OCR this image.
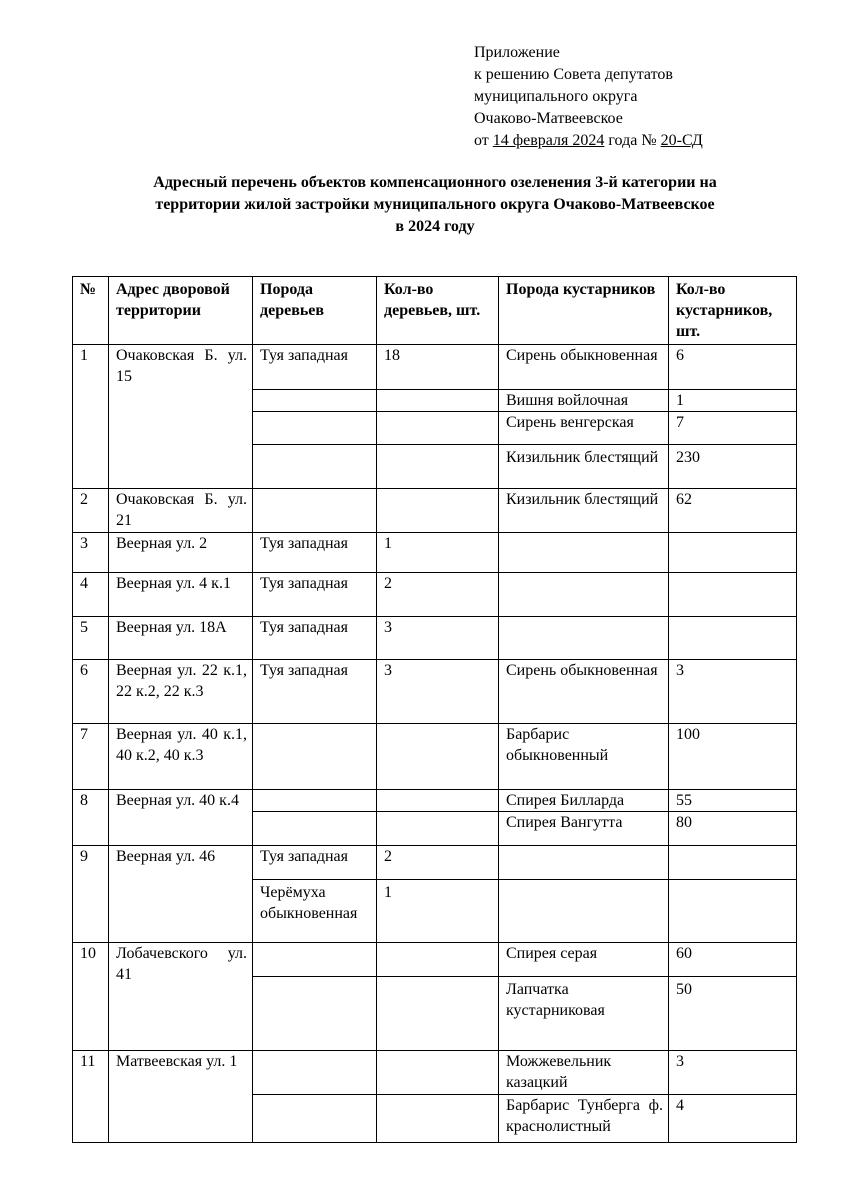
Приложение
к решению Совета депутатов
муниципального округа
Очаково-Матвеевское
от 14 февраля 2024 года № 20-СД
Адресный перечень объектов компенсационного озеленения 3-й категории на
территории жилой застройки муниципального округа Очаково-Матвеевское
в 2024 году
№	Адрес дворовой территории	Порода деревьев	Кол-во деревьев, шт.	Порода кустарников	Кол-во кустарников, шт.
1	Очаковская Б. ул. 15	Туя западная	18	Сирень обыкновенная	6
				Вишня войлочная	1
				Сирень венгерская	7
				Кизильник блестящий	230
2	Очаковская Б. ул. 21			Кизильник блестящий	62
3	Веерная ул. 2	Туя западная	1		
4	Веерная ул. 4 к.1	Туя западная	2		
5	Веерная ул. 18А	Туя западная	3		
6	Веерная ул. 22 к.1, 22 к.2, 22 к.3	Туя западная	3	Сирень обыкновенная	3
7	Веерная ул. 40 к.1, 40 к.2, 40 к.3			Барбарис обыкновенный	100
8	Веерная ул. 40 к.4			Спирея Билларда	55
				Спирея Вангутта	80
9	Веерная ул. 46	Туя западная	2		
		Черёмуха обыкновенная	1		
10	Лобачевского ул. 41			Спирея серая	60
				Лапчатка кустарниковая	50
11	Матвеевская ул. 1			Можжевельник казацкий	3
				Барбарис Тунберга ф. краснолистный	4
